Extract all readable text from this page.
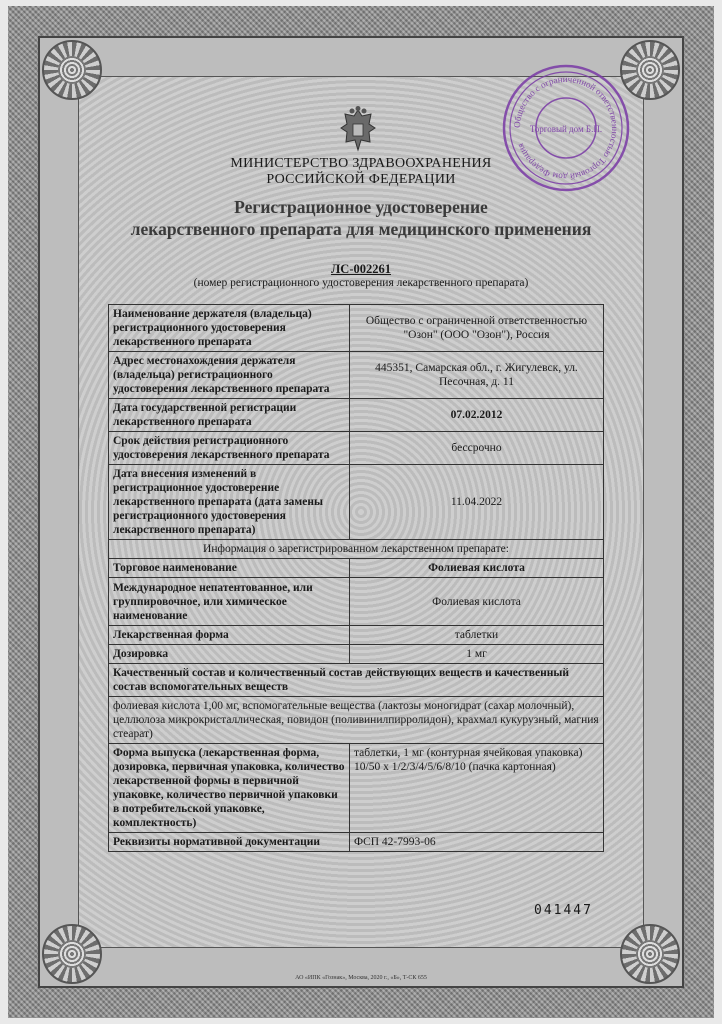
МИНИСТЕРСТВО ЗДРАВООХРАНЕНИЯ
РОССИЙСКОЙ ФЕДЕРАЦИИ
Регистрационное удостоверение
лекарственного препарата для медицинского применения
ЛС-002261
(номер регистрационного удостоверения лекарственного препарата)
Наименование держателя (владельца) регистрационного удостоверения лекарственного препарата	Общество с ограниченной ответственностью "Озон" (ООО "Озон"), Россия
Адрес местонахождения держателя (владельца) регистрационного удостоверения лекарственного препарата	445351, Самарская обл., г. Жигулевск, ул. Песочная, д. 11
Дата государственной регистрации лекарственного препарата	07.02.2012
Срок действия регистрационного удостоверения лекарственного препарата	бессрочно
Дата внесения изменений в регистрационное удостоверение лекарственного препарата (дата замены регистрационного удостоверения лекарственного препарата)	11.04.2022
Информация о зарегистрированном лекарственном препарате:	
Торговое наименование	Фолиевая кислота
Международное непатентованное, или группировочное, или химическое наименование	Фолиевая кислота
Лекарственная форма	таблетки
Дозировка	1 мг
Качественный состав и количественный состав действующих веществ и качественный состав вспомогательных веществ	
фолиевая кислота 1,00 мг, вспомогательные вещества (лактозы моногидрат (сахар молочный), целлюлоза микрокристаллическая, повидон (поливинилпирролидон), крахмал кукурузный, магния стеарат)	
Форма выпуска (лекарственная форма, дозировка, первичная упаковка, количество лекарственной формы в первичной упаковке, количество первичной упаковки в потребительской упаковке, комплектность)	таблетки, 1 мг (контурная ячейковая упаковка) 10/50 x 1/2/3/4/5/6/8/10 (пачка картонная)
Реквизиты нормативной документации	ФСП 42-7993-06
Общество с ограниченной ответственностью Торговый дом Федерация
Торговый дом Б.П.
041447
АО «ИПК «Гознак», Москва, 2020 г., «Б», Т-СК 655
